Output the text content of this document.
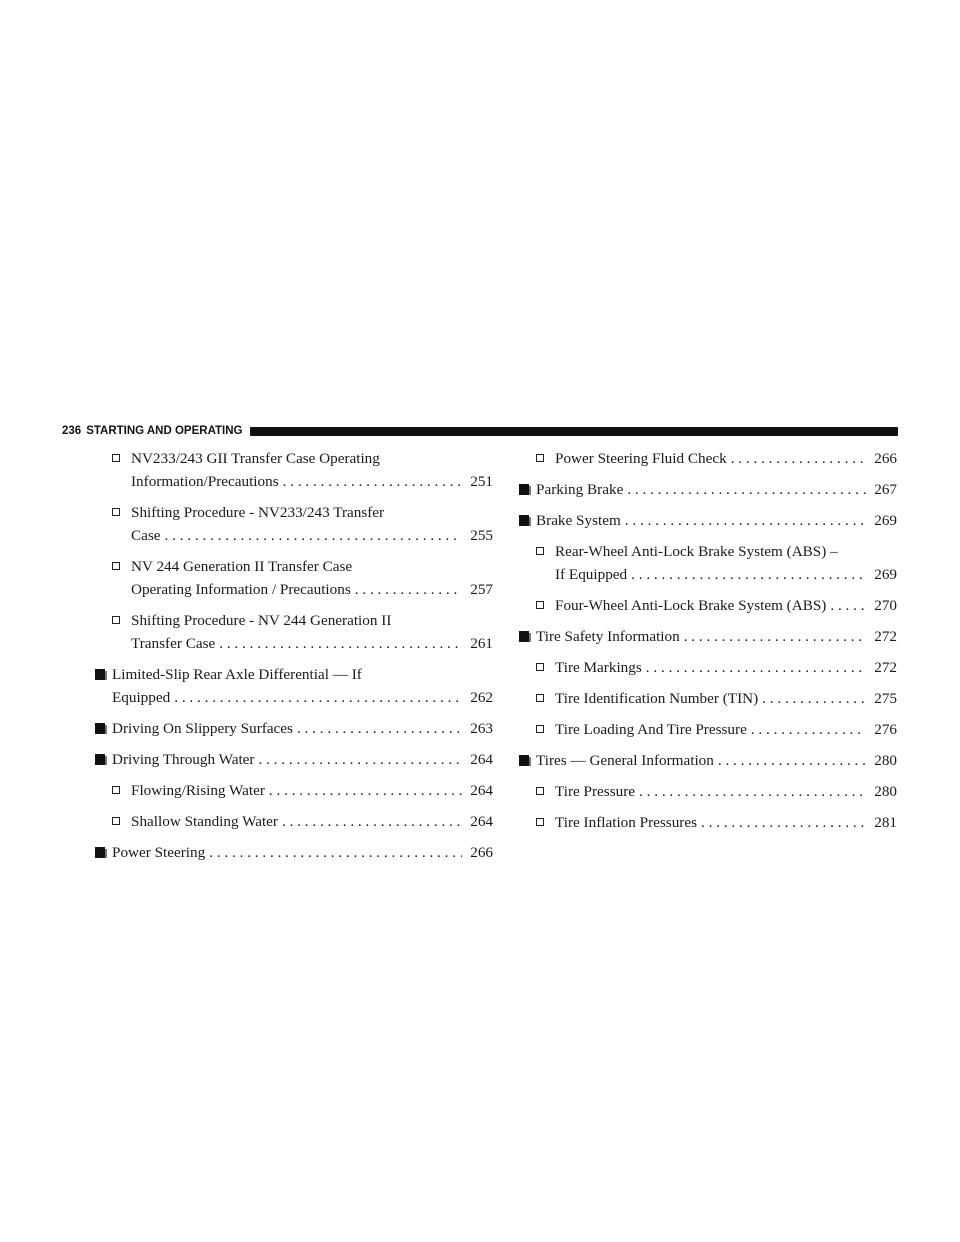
236 STARTING AND OPERATING
NV233/243 GII Transfer Case Operating
Information/Precautions . . .	251
Shifting Procedure - NV233/243 Transfer
Case . . .	255
NV 244 Generation II Transfer Case
Operating Information / Precautions . . .	257
Shifting Procedure - NV 244 Generation II
Transfer Case . . .	261
Limited-Slip Rear Axle Differential — If
Equipped . . .	262
Driving On Slippery Surfaces . . .	263
Driving Through Water . . .	264
Flowing/Rising Water . . .	264
Shallow Standing Water . . .	264
Power Steering . . .	266
Power Steering Fluid Check . . .	266
Parking Brake . . .	267
Brake System . . .	269
Rear-Wheel Anti-Lock Brake System (ABS) –
If Equipped . . .	269
Four-Wheel Anti-Lock Brake System (ABS) . . .	270
Tire Safety Information . . .	272
Tire Markings . . .	272
Tire Identification Number (TIN) . . .	275
Tire Loading And Tire Pressure . . .	276
Tires — General Information . . .	280
Tire Pressure . . .	280
Tire Inflation Pressures . . .	281
